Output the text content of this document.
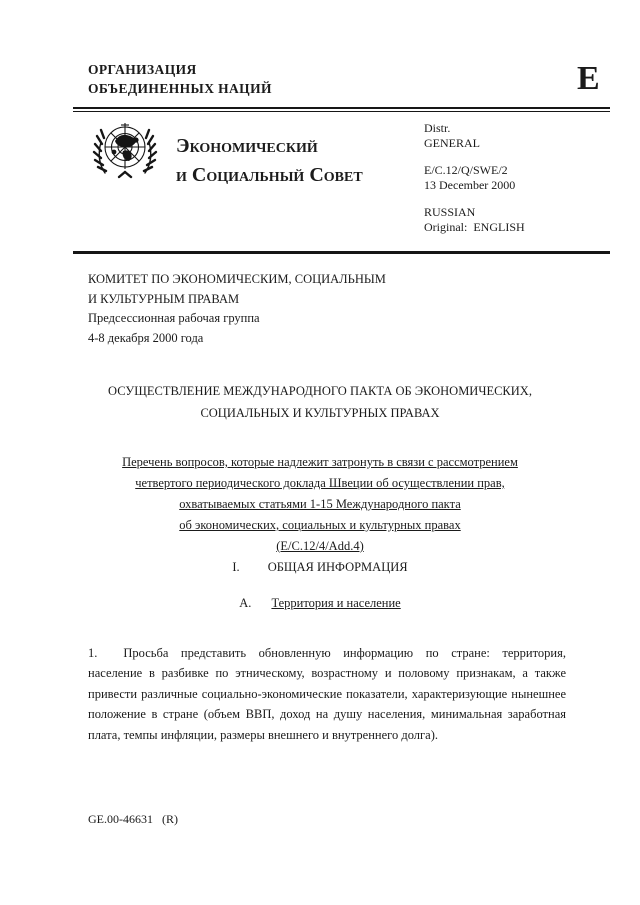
ОРГАНИЗАЦИЯ
ОБЪЕДИНЕННЫХ НАЦИЙ	E
Экономический
и Социальный Совет
Distr.
GENERAL
E/C.12/Q/SWE/2
13 December 2000
RUSSIAN
Original:  ENGLISH
КОМИТЕТ ПО ЭКОНОМИЧЕСКИМ, СОЦИАЛЬНЫМ
И КУЛЬТУРНЫМ ПРАВАМ
Предсессионная рабочая группа
4-8 декабря 2000 года
ОСУЩЕСТВЛЕНИЕ МЕЖДУНАРОДНОГО ПАКТА ОБ ЭКОНОМИЧЕСКИХ,
СОЦИАЛЬНЫХ И КУЛЬТУРНЫХ ПРАВАХ
Перечень вопросов, которые надлежит затронуть в связи с рассмотрением
четвертого периодического доклада Швеции об осуществлении прав,
охватываемых статьями 1-15 Международного пакта
об экономических, социальных и культурных правах
(E/C.12/4/Add.4)
I. ОБЩАЯ ИНФОРМАЦИЯ
А. Территория и население

1. Просьба представить обновленную информацию по стране: территория, население в разбивке по этническому, возрастному и половому признакам, а также привести различные социально-экономические показатели, характеризующие нынешнее положение в стране (объем ВВП, доход на душу населения, минимальная заработная плата, темпы инфляции, размеры внешнего и внутреннего долга).

GE.00-46631   (R)
